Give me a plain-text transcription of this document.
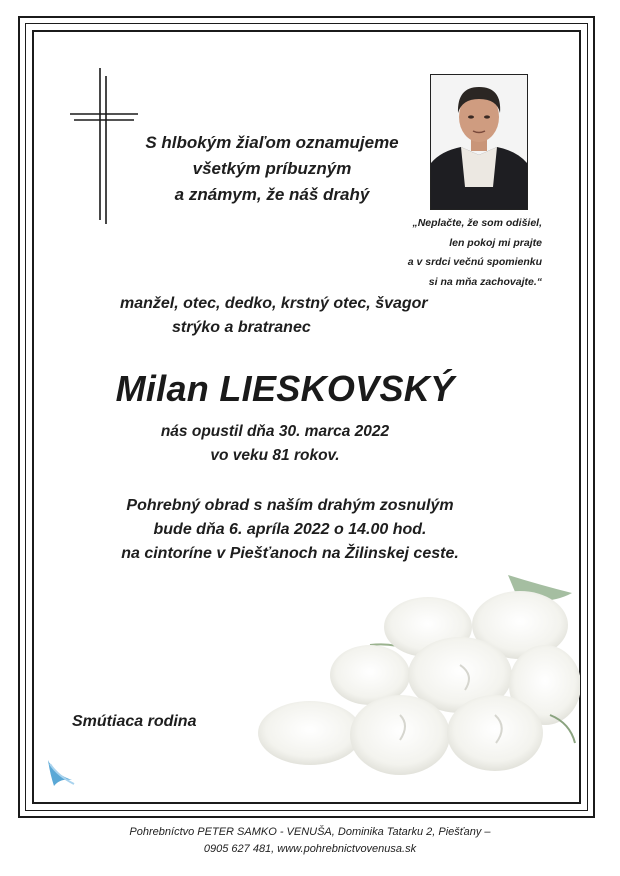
S hlbokým žiaľom oznamujeme
všetkým príbuzným
a známym, že náš drahý
„Neplačte, že som odišiel,
len pokoj mi prajte
a v srdci večnú spomienku
si na mňa zachovajte.“
manžel, otec, dedko, krstný otec, švagor
strýko a bratranec
Milan LIESKOVSKÝ
nás opustil dňa 30. marca 2022
vo veku 81 rokov.
Pohrebný obrad s naším drahým zosnulým
bude dňa 6. apríla 2022 o 14.00 hod.
na cintoríne v Piešťanoch na Žilinskej ceste.
Smútiaca rodina
Pohrebníctvo PETER SAMKO - VENUŠA, Dominika Tatarku 2, Piešťany –
0905 627 481, www.pohrebnictvovenusa.sk
